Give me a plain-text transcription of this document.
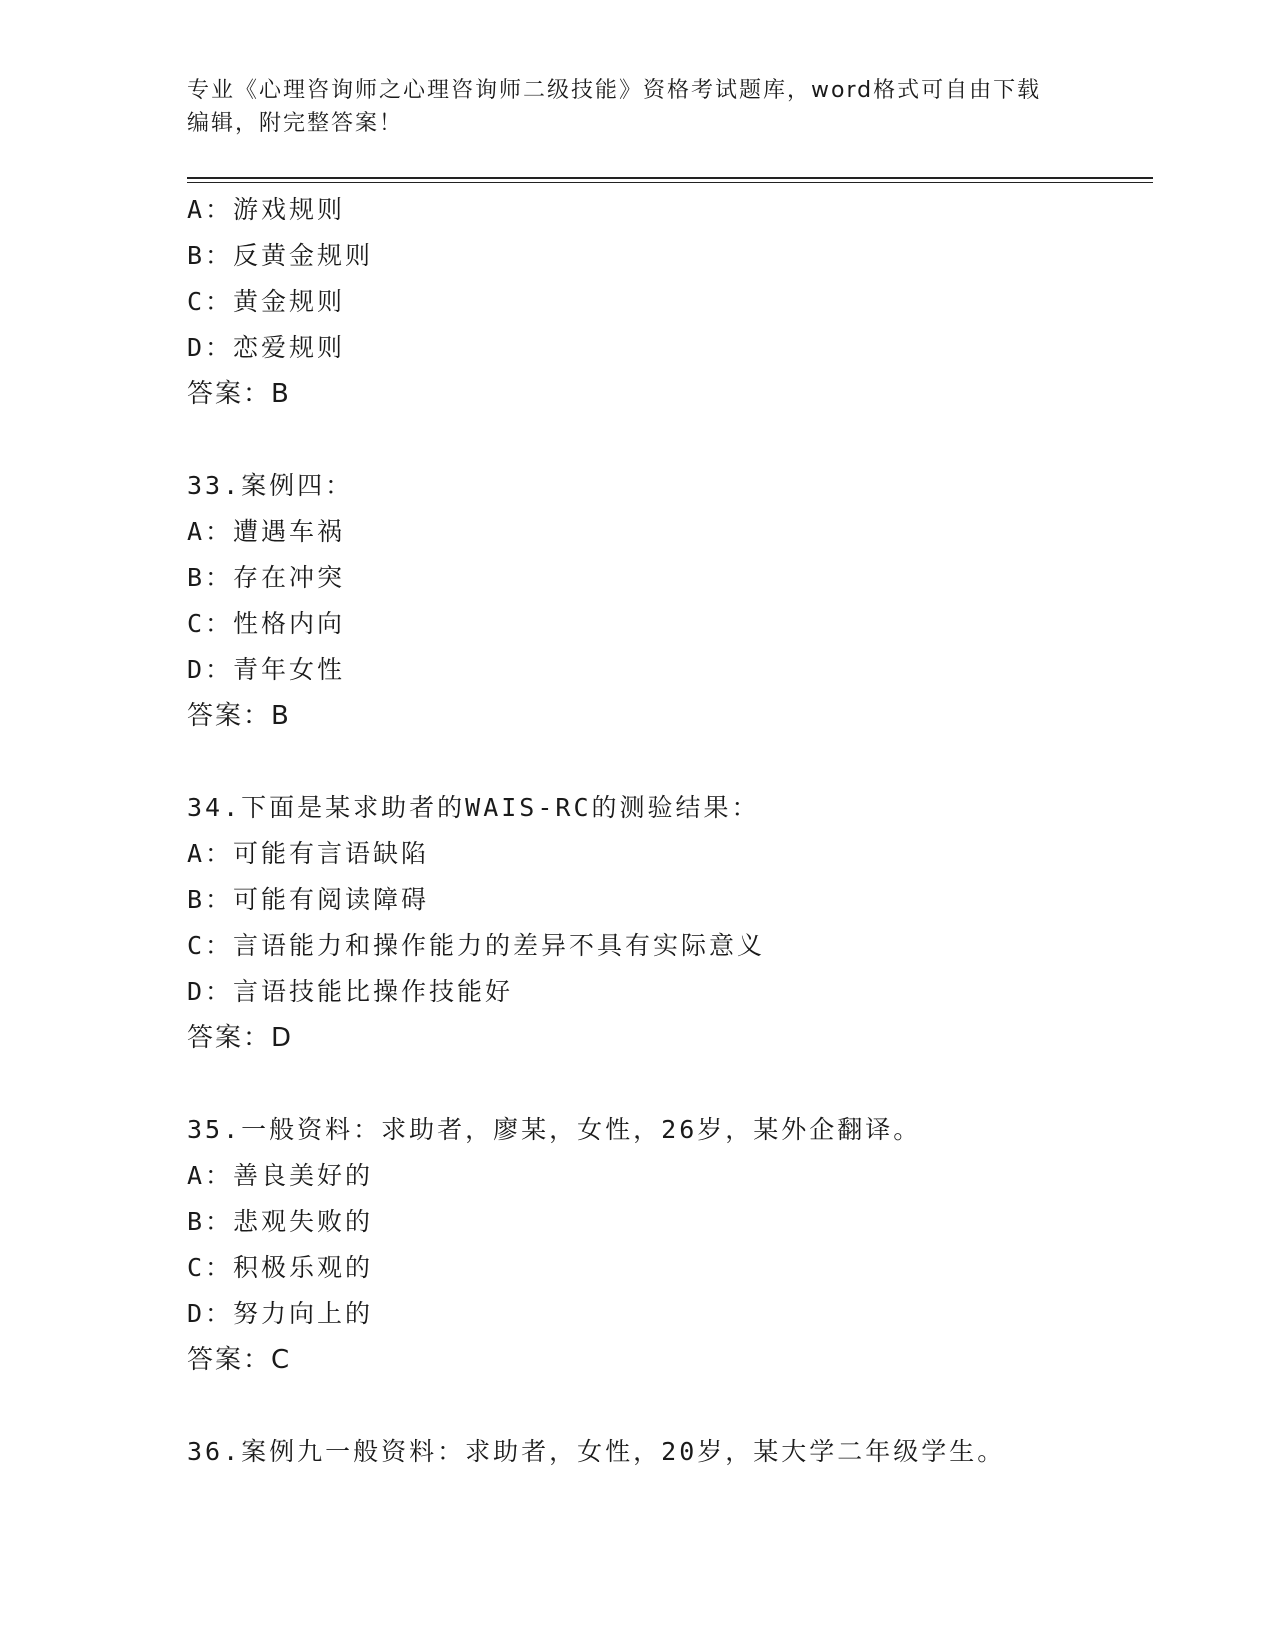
专业《心理咨询师之心理咨询师二级技能》资格考试题库，word格式可自由下载
编辑，附完整答案！
A：游戏规则
B：反黄金规则
C：黄金规则
D：恋爱规则
答案：B
33.案例四：
A：遭遇车祸
B：存在冲突
C：性格内向
D：青年女性
答案：B
34.下面是某求助者的WAIS-RC的测验结果：
A：可能有言语缺陷
B：可能有阅读障碍
C：言语能力和操作能力的差异不具有实际意义
D：言语技能比操作技能好
答案：D
35.一般资料：求助者，廖某，女性，26岁，某外企翻译。
A：善良美好的
B：悲观失败的
C：积极乐观的
D：努力向上的
答案：C
36.案例九一般资料：求助者，女性，20岁，某大学二年级学生。
